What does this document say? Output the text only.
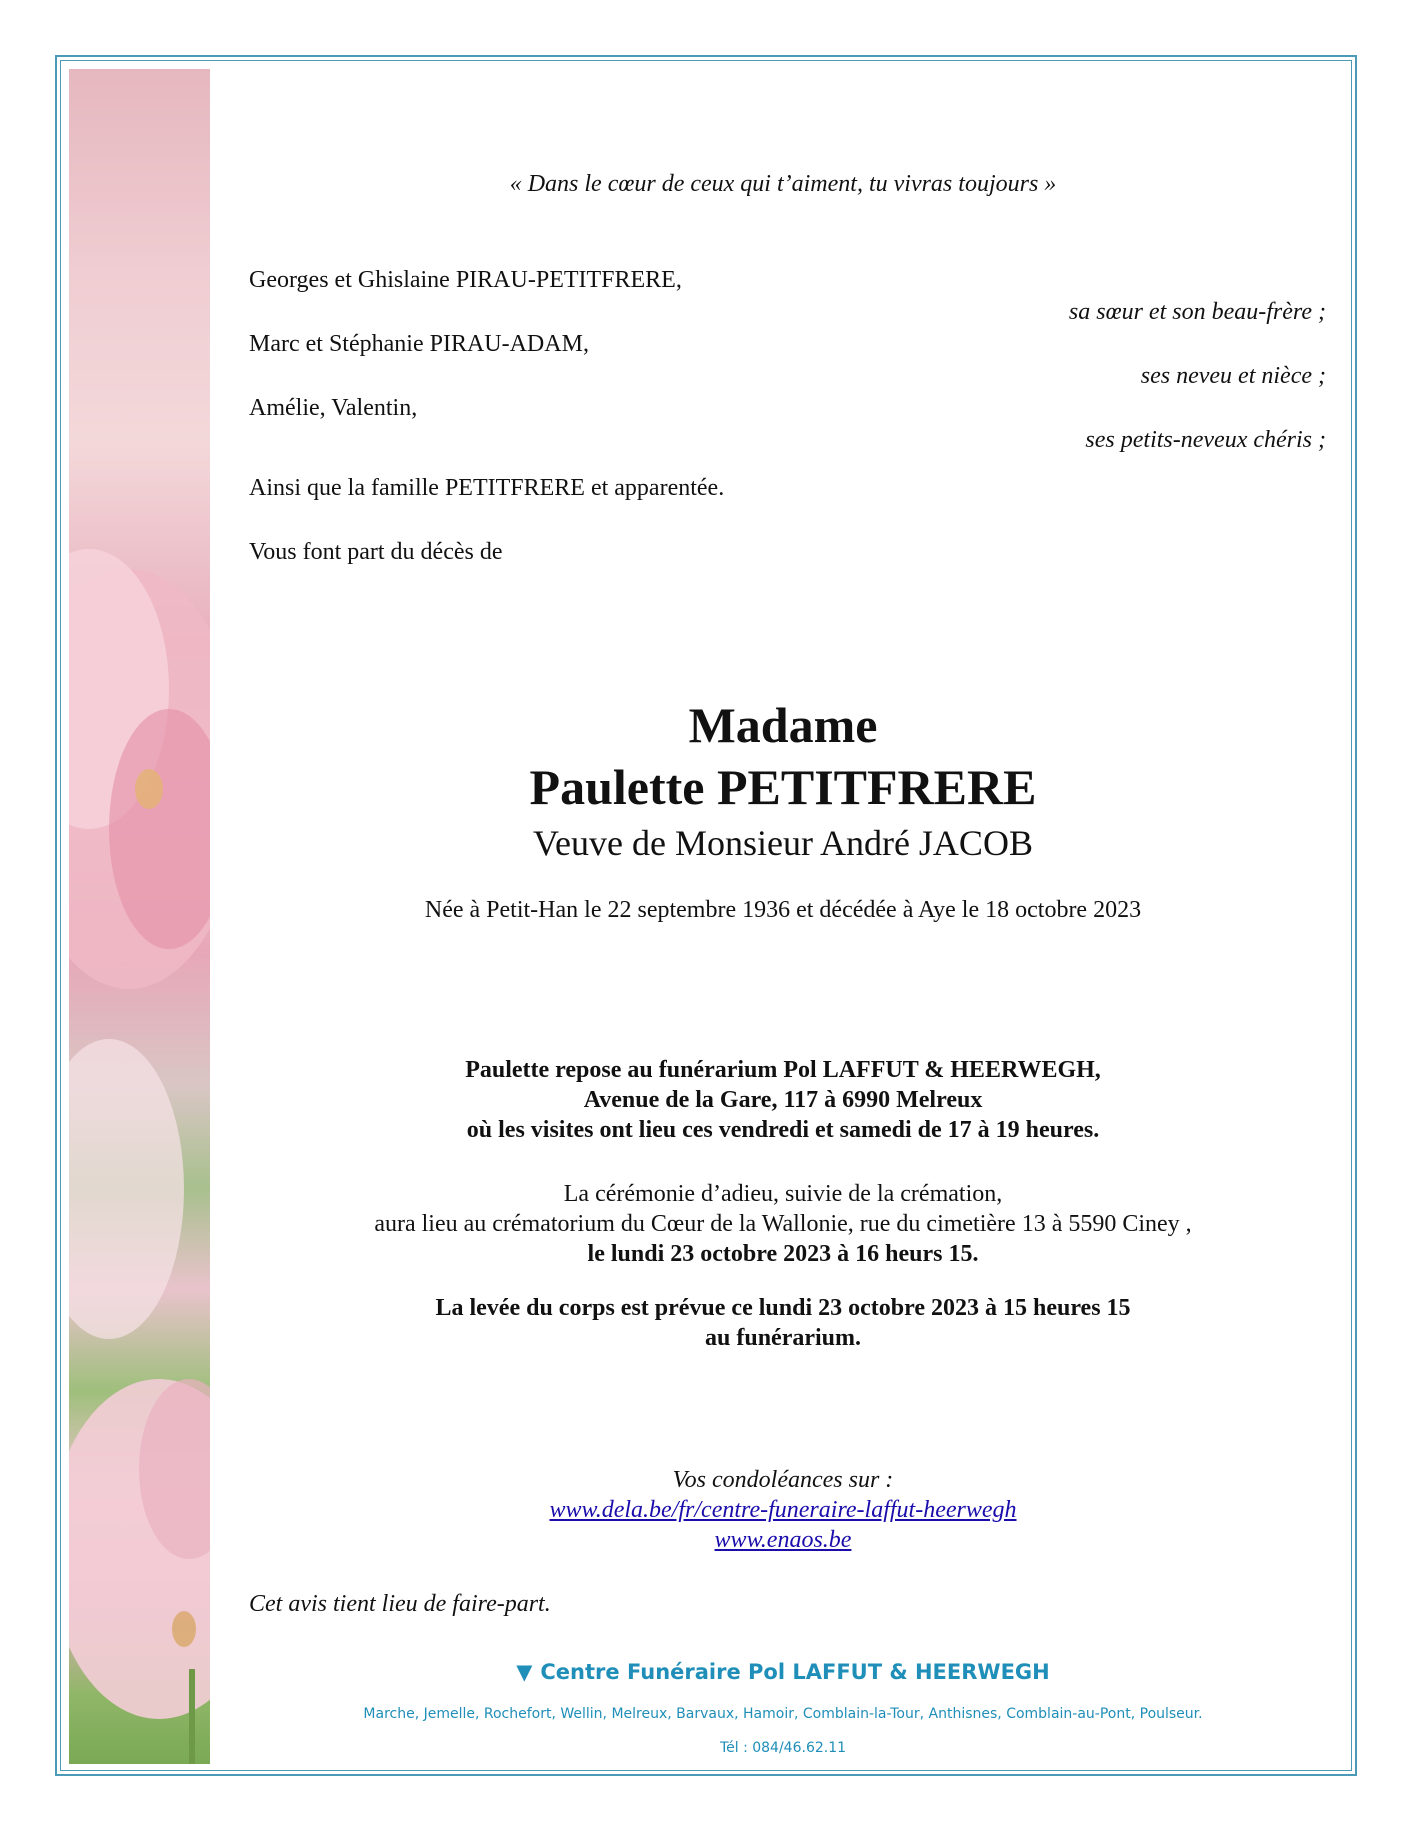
« Dans le cœur de ceux qui t’aiment, tu vivras toujours »
Georges et Ghislaine PIRAU-PETITFRERE,
sa sœur et son beau-frère ;
Marc et Stéphanie PIRAU-ADAM,
ses neveu et nièce ;
Amélie, Valentin,
ses petits-neveux chéris ;
Ainsi que la famille PETITFRERE et apparentée.
Vous font part du décès de
Madame
Paulette PETITFRERE
Veuve de Monsieur André JACOB
Née à Petit-Han le 22 septembre 1936 et décédée à Aye le 18 octobre 2023
Paulette repose au funérarium Pol LAFFUT & HEERWEGH,
Avenue de la Gare, 117 à 6990 Melreux
où les visites ont lieu ces vendredi et samedi de 17 à 19 heures.
La cérémonie d’adieu, suivie de la crémation,
aura lieu au crématorium du Cœur de la Wallonie, rue du cimetière 13 à 5590 Ciney ,
le lundi 23 octobre 2023 à 16 heurs 15.
La levée du corps est prévue ce lundi 23 octobre 2023 à 15 heures 15
au funérarium.
Vos condoléances sur :
www.dela.be/fr/centre-funeraire-laffut-heerwegh
www.enaos.be
Cet avis tient lieu de faire-part.
▼ Centre Funéraire Pol LAFFUT & HEERWEGH
Marche, Jemelle, Rochefort, Wellin, Melreux, Barvaux, Hamoir, Comblain-la-Tour, Anthisnes, Comblain-au-Pont, Poulseur.
Tél : 084/46.62.11
